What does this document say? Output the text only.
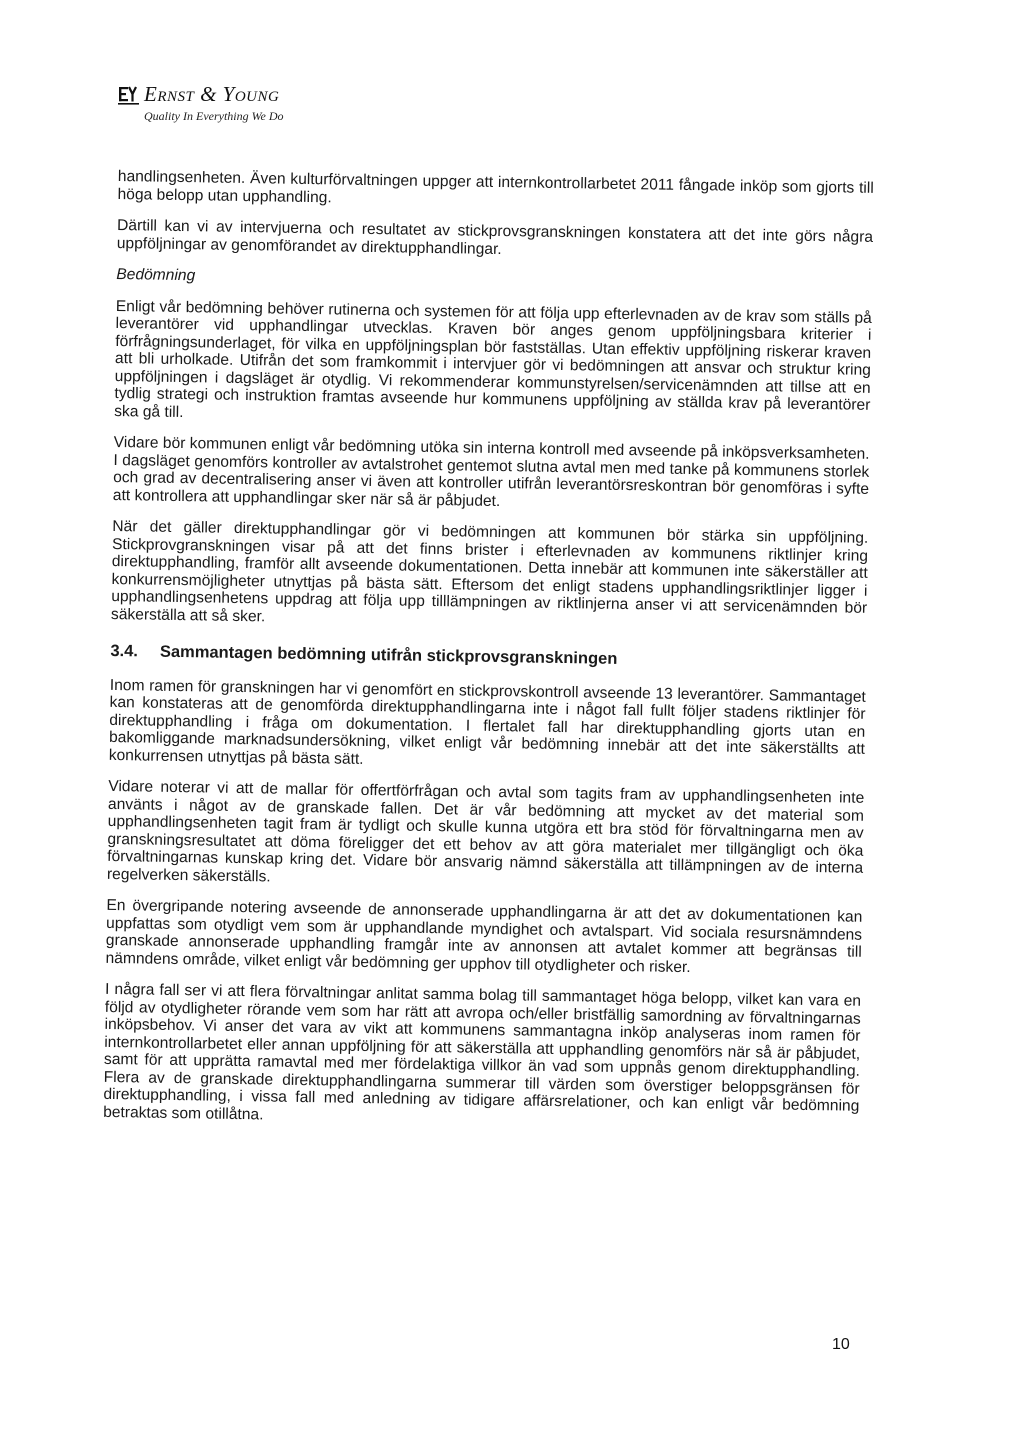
Ernst & Young
Quality In Everything We Do

handlingsenheten. Även kulturförvaltningen uppger att internkontrollarbetet 2011 fångade inköp som gjorts till höga belopp utan upphandling.

Därtill kan vi av intervjuerna och resultatet av stickprovsgranskningen konstatera att det inte görs några uppföljningar av genomförandet av direktupphandlingar.

Bedömning

Enligt vår bedömning behöver rutinerna och systemen för att följa upp efterlevnaden av de krav som ställs på leverantörer vid upphandlingar utvecklas. Kraven bör anges genom uppföljningsbara kriterier i förfrågningsunderlaget, för vilka en uppföljningsplan bör fastställas. Utan effektiv uppföljning riskerar kraven att bli urholkade. Utifrån det som framkommit i intervjuer gör vi bedömningen att ansvar och struktur kring uppföljningen i dagsläget är otydlig. Vi rekommenderar kommunstyrelsen/servicenämnden att tillse att en tydlig strategi och instruktion framtas avseende hur kommunens uppföljning av ställda krav på leverantörer ska gå till.

Vidare bör kommunen enligt vår bedömning utöka sin interna kontroll med avseende på inköpsverksamheten. I dagsläget genomförs kontroller av avtalstrohet gentemot slutna avtal men med tanke på kommunens storlek och grad av decentralisering anser vi även att kontroller utifrån leverantörsreskontran bör genomföras i syfte att kontrollera att upphandlingar sker när så är påbjudet.

När det gäller direktupphandlingar gör vi bedömningen att kommunen bör stärka sin uppföljning. Stickprovgranskningen visar på att det finns brister i efterlevnaden av kommunens riktlinjer kring direktupphandling, framför allt avseende dokumentationen. Detta innebär att kommunen inte säkerställer att konkurrensmöjligheter utnyttjas på bästa sätt. Eftersom det enligt stadens upphandlingsriktlinjer ligger i upphandlingsenhetens uppdrag att följa upp tilllämpningen av riktlinjerna anser vi att servicenämnden bör säkerställa att så sker.

3.4. Sammantagen bedömning utifrån stickprovsgranskningen

Inom ramen för granskningen har vi genomfört en stickprovskontroll avseende 13 leverantörer. Sammantaget kan konstateras att de genomförda direktupphandlingarna inte i något fall fullt följer stadens riktlinjer för direktupphandling i fråga om dokumentation. I flertalet fall har direktupphandling gjorts utan en bakomliggande marknadsundersökning, vilket enligt vår bedömning innebär att det inte säkerställts att konkurrensen utnyttjas på bästa sätt.

Vidare noterar vi att de mallar för offertförfrågan och avtal som tagits fram av upphandlingsenheten inte använts i något av de granskade fallen. Det är vår bedömning att mycket av det material som upphandlingsenheten tagit fram är tydligt och skulle kunna utgöra ett bra stöd för förvaltningarna men av granskningsresultatet att döma föreligger det ett behov av att göra materialet mer tillgängligt och öka förvaltningarnas kunskap kring det. Vidare bör ansvarig nämnd säkerställa att tillämpningen av de interna regelverken säkerställs.

En övergripande notering avseende de annonserade upphandlingarna är att det av dokumentationen kan uppfattas som otydligt vem som är upphandlande myndighet och avtalspart. Vid sociala resursnämndens granskade annonserade upphandling framgår inte av annonsen att avtalet kommer att begränsas till nämndens område, vilket enligt vår bedömning ger upphov till otydligheter och risker.

I några fall ser vi att flera förvaltningar anlitat samma bolag till sammantaget höga belopp, vilket kan vara en följd av otydligheter rörande vem som har rätt att avropa och/eller bristfällig samordning av förvaltningarnas inköpsbehov. Vi anser det vara av vikt att kommunens sammantagna inköp analyseras inom ramen för internkontrollarbetet eller annan uppföljning för att säkerställa att upphandling genomförs när så är påbjudet, samt för att upprätta ramavtal med mer fördelaktiga villkor än vad som uppnås genom direktupphandling. Flera av de granskade direktupphandlingarna summerar till värden som överstiger beloppsgränsen för direktupphandling, i vissa fall med anledning av tidigare affärsrelationer, och kan enligt vår bedömning betraktas som otillåtna.

10
